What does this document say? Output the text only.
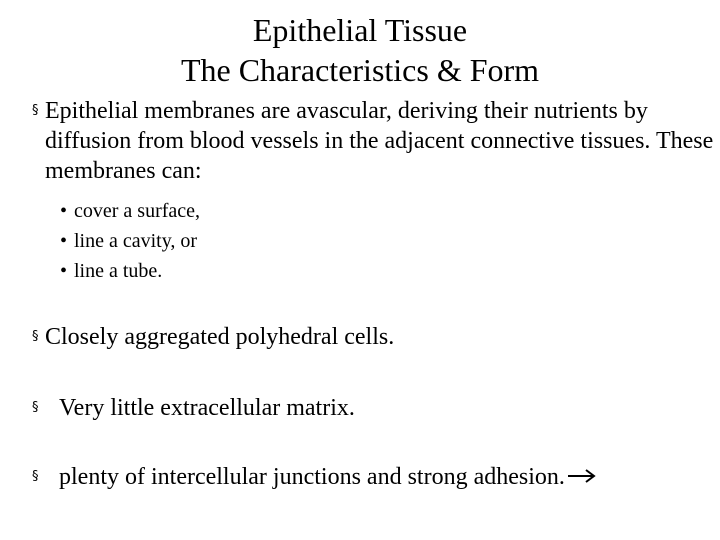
Epithelial Tissue
The Characteristics & Form
§ Epithelial membranes are avascular, deriving their nutrients by diffusion from blood vessels in the adjacent connective tissues. These membranes can:
• cover a surface,
• line a cavity, or
• line a tube.
§ Closely aggregated polyhedral cells.
§ Very little extracellular matrix.
§ plenty of intercellular junctions and strong adhesion.
